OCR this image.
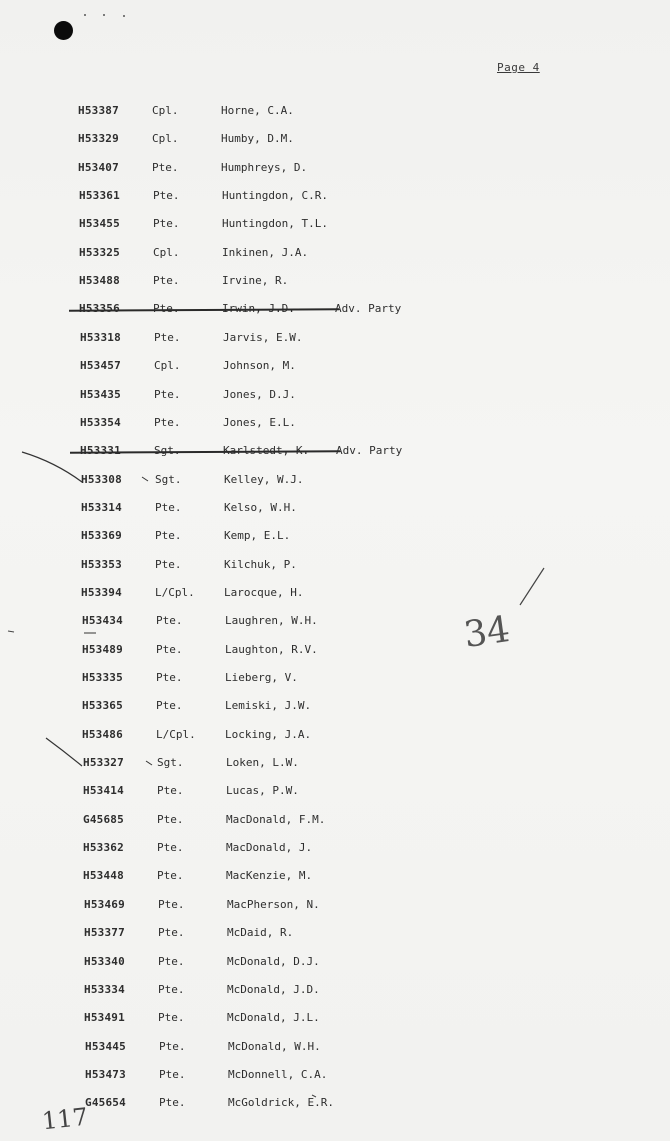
Page 4
H53387	Cpl.	Horne, C.A.
H53329	Cpl.	Humby, D.M.
H53407	Pte.	Humphreys, D.
H53361	Pte.	Huntingdon, C.R.
H53455	Pte.	Huntingdon, T.L.
H53325	Cpl.	Inkinen, J.A.
H53488	Pte.	Irvine, R.
H53356	Pte.	Irwin, J.D.	Adv. Party
H53318	Pte.	Jarvis, E.W.
H53457	Cpl.	Johnson, M.
H53435	Pte.	Jones, D.J.
H53354	Pte.	Jones, E.L.
H53331	Sgt.	Karlstedt, K. Adv. Party
H53308	Sgt.	Kelley, W.J.
H53314	Pte.	Kelso, W.H.
H53369	Pte.	Kemp, E.L.
H53353	Pte.	Kilchuk, P.
H53394	L/Cpl.	Larocque, H.
H53434	Pte.	Laughren, W.H.
H53489	Pte.	Laughton, R.V.
H53335	Pte.	Lieberg, V.
H53365	Pte.	Lemiski, J.W.
H53486	L/Cpl.	Locking, J.A.
H53327	Sgt.	Loken, L.W.
H53414	Pte.	Lucas, P.W.
G45685	Pte.	MacDonald, F.M.
H53362	Pte.	MacDonald, J.
H53448	Pte.	MacKenzie, M.
H53469	Pte.	MacPherson, N.
H53377	Pte.	McDaid, R.
H53340	Pte.	McDonald, D.J.
H53334	Pte.	McDonald, J.D.
H53491	Pte.	McDonald, J.L.
H53445	Pte.	McDonald, W.H.
H53473	Pte.	McDonnell, C.A.
G45654	Pte.	McGoldrick, E.R.
34
117
